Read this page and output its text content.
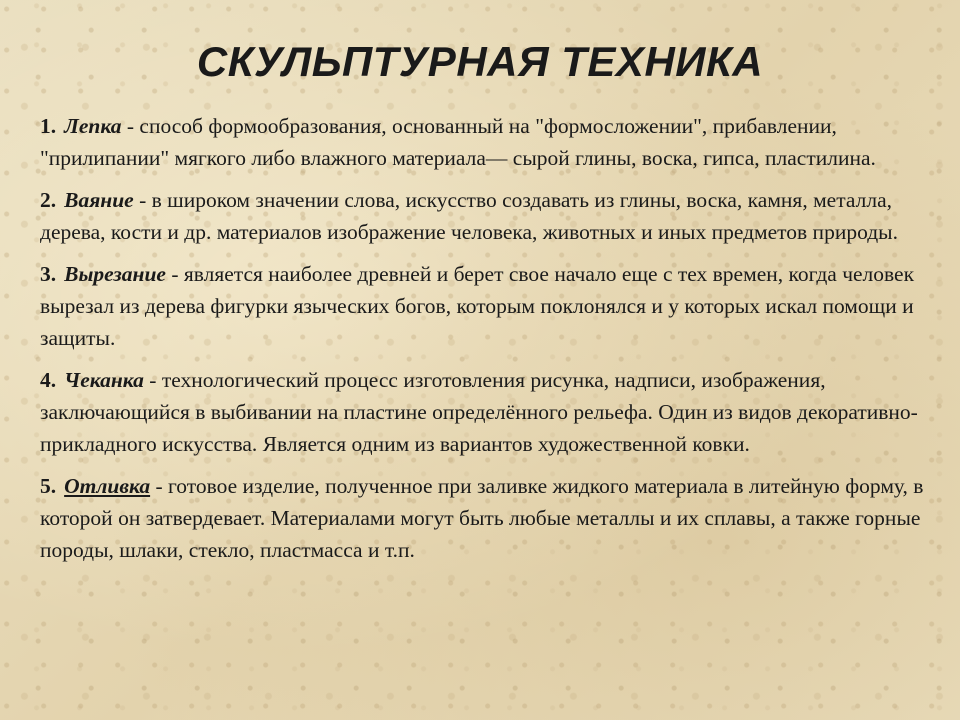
СКУЛЬПТУРНАЯ ТЕХНИКА

1. Лепка - способ формообразования, основанный на "формосложении", прибавлении, "прилипании" мягкого либо влажного материала— сырой глины, воска, гипса, пластилина.

2. Ваяние - в широком значении слова, искусство создавать из глины, воска, камня, металла, дерева, кости и др. материалов изображение человека, животных и иных предметов природы.

3. Вырезание - является наиболее древней и берет свое начало еще с тех времен, когда человек вырезал из дерева фигурки языческих богов, которым поклонялся и у которых искал помощи и защиты.

4. Чеканка - технологический процесс изготовления рисунка, надписи, изображения, заключающийся в выбивании на пластине определённого рельефа. Один из видов декоративно-прикладного искусства. Является одним из вариантов художественной ковки.

5. Отливка - готовое изделие, полученное при заливке жидкого материала в литейную форму, в которой он затвердевает. Материалами могут быть любые металлы и их сплавы, а также горные породы, шлаки, стекло, пластмасса и т.п.
